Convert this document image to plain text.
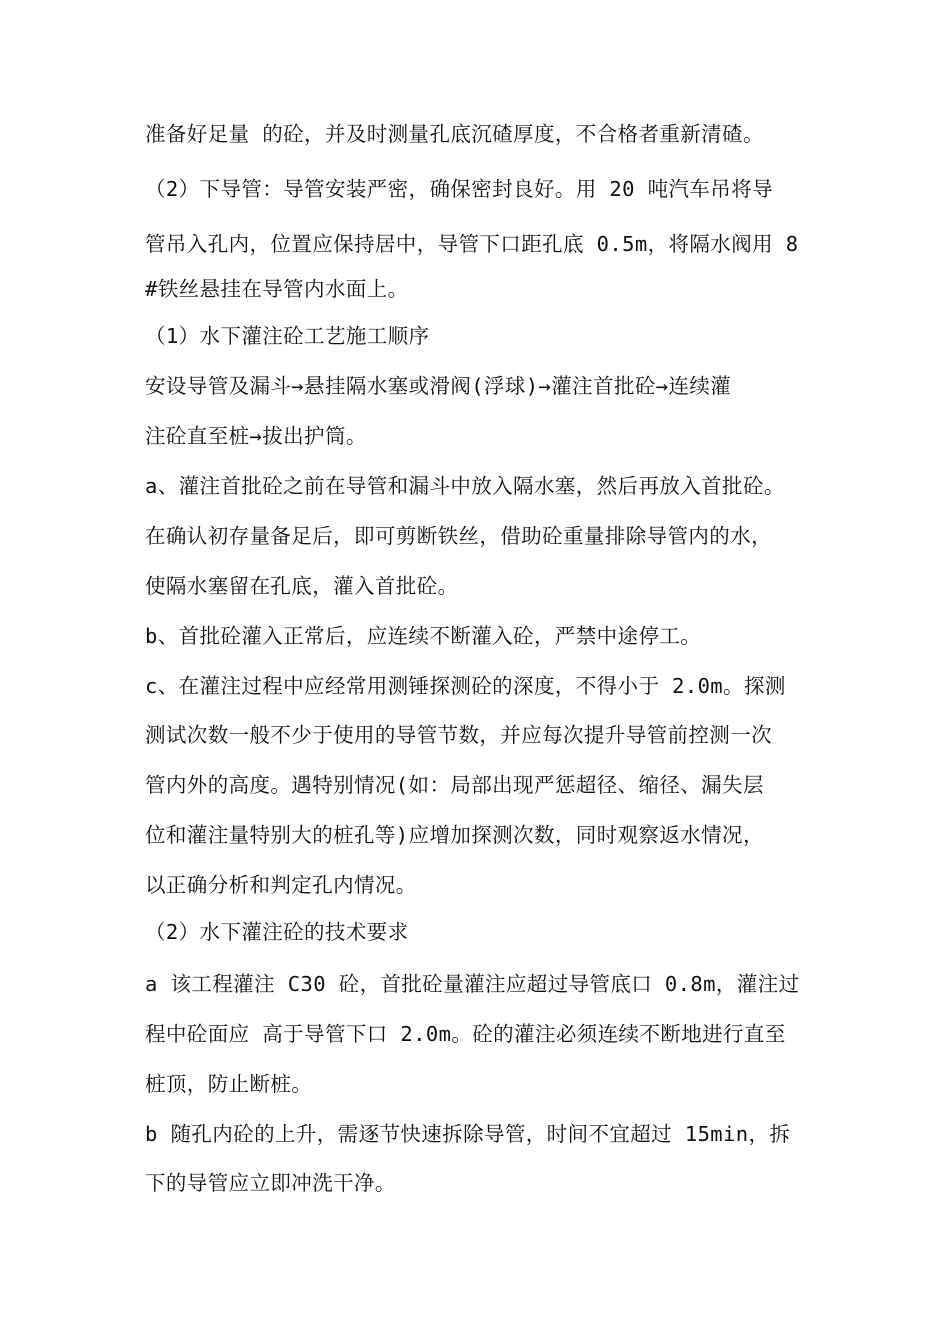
准备好足量 的砼，并及时测量孔底沉碴厚度，不合格者重新清碴。
（2）下导管：导管安装严密，确保密封良好。用 20 吨汽车吊将导
管吊入孔内，位置应保持居中，导管下口距孔底 0.5m，将隔水阀用 8
#铁丝悬挂在导管内水面上。
（1）水下灌注砼工艺施工顺序
安设导管及漏斗→悬挂隔水塞或滑阀(浮球)→灌注首批砼→连续灌
注砼直至桩→拔出护筒。
a、灌注首批砼之前在导管和漏斗中放入隔水塞，然后再放入首批砼。
在确认初存量备足后，即可剪断铁丝，借助砼重量排除导管内的水，
使隔水塞留在孔底，灌入首批砼。
b、首批砼灌入正常后，应连续不断灌入砼，严禁中途停工。
c、在灌注过程中应经常用测锤探测砼的深度，不得小于 2.0m。探测
测试次数一般不少于使用的导管节数，并应每次提升导管前控测一次
管内外的高度。遇特别情况(如：局部出现严惩超径、缩径、漏失层
位和灌注量特别大的桩孔等)应增加探测次数，同时观察返水情况，
以正确分析和判定孔内情况。
（2）水下灌注砼的技术要求
a 该工程灌注 C30 砼，首批砼量灌注应超过导管底口 0.8m，灌注过
程中砼面应 高于导管下口 2.0m。砼的灌注必须连续不断地进行直至
桩顶，防止断桩。
b 随孔内砼的上升，需逐节快速拆除导管，时间不宜超过 15min，拆
下的导管应立即冲洗干净。
